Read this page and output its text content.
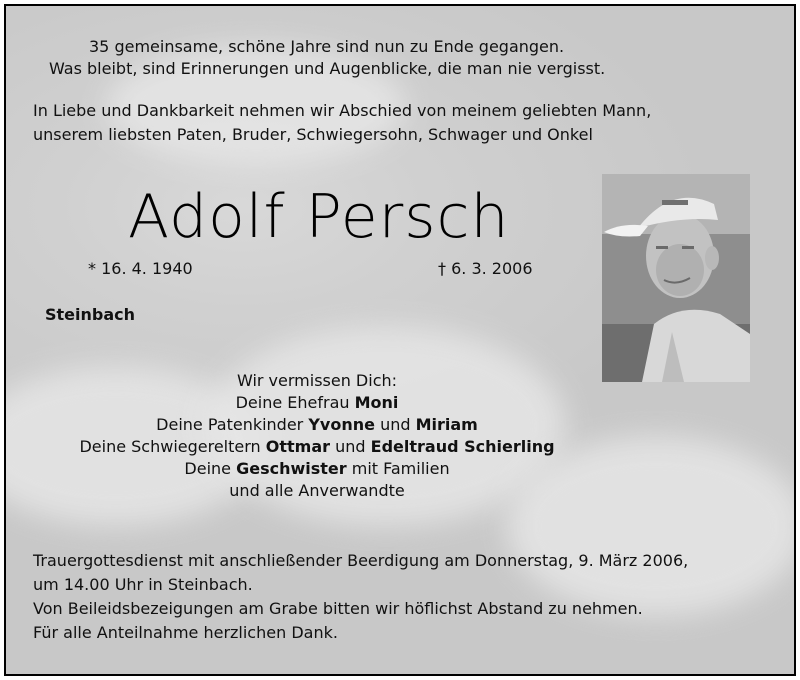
35 gemeinsame, schöne Jahre sind nun zu Ende gegangen.
Was bleibt, sind Erinnerungen und Augenblicke, die man nie vergisst.
In Liebe und Dankbarkeit nehmen wir Abschied von meinem geliebten Mann,
unserem liebsten Paten, Bruder, Schwiegersohn, Schwager und Onkel
Adolf Persch
* 16. 4. 1940	† 6. 3. 2006
Steinbach
Wir vermissen Dich:
Deine Ehefrau Moni
Deine Patenkinder Yvonne und Miriam
Deine Schwiegereltern Ottmar und Edeltraud Schierling
Deine Geschwister mit Familien
und alle Anverwandte
Trauergottesdienst mit anschließender Beerdigung am Donnerstag, 9. März 2006,
um 14.00 Uhr in Steinbach.
Von Beileidsbezeigungen am Grabe bitten wir höflichst Abstand zu nehmen.
Für alle Anteilnahme herzlichen Dank.
